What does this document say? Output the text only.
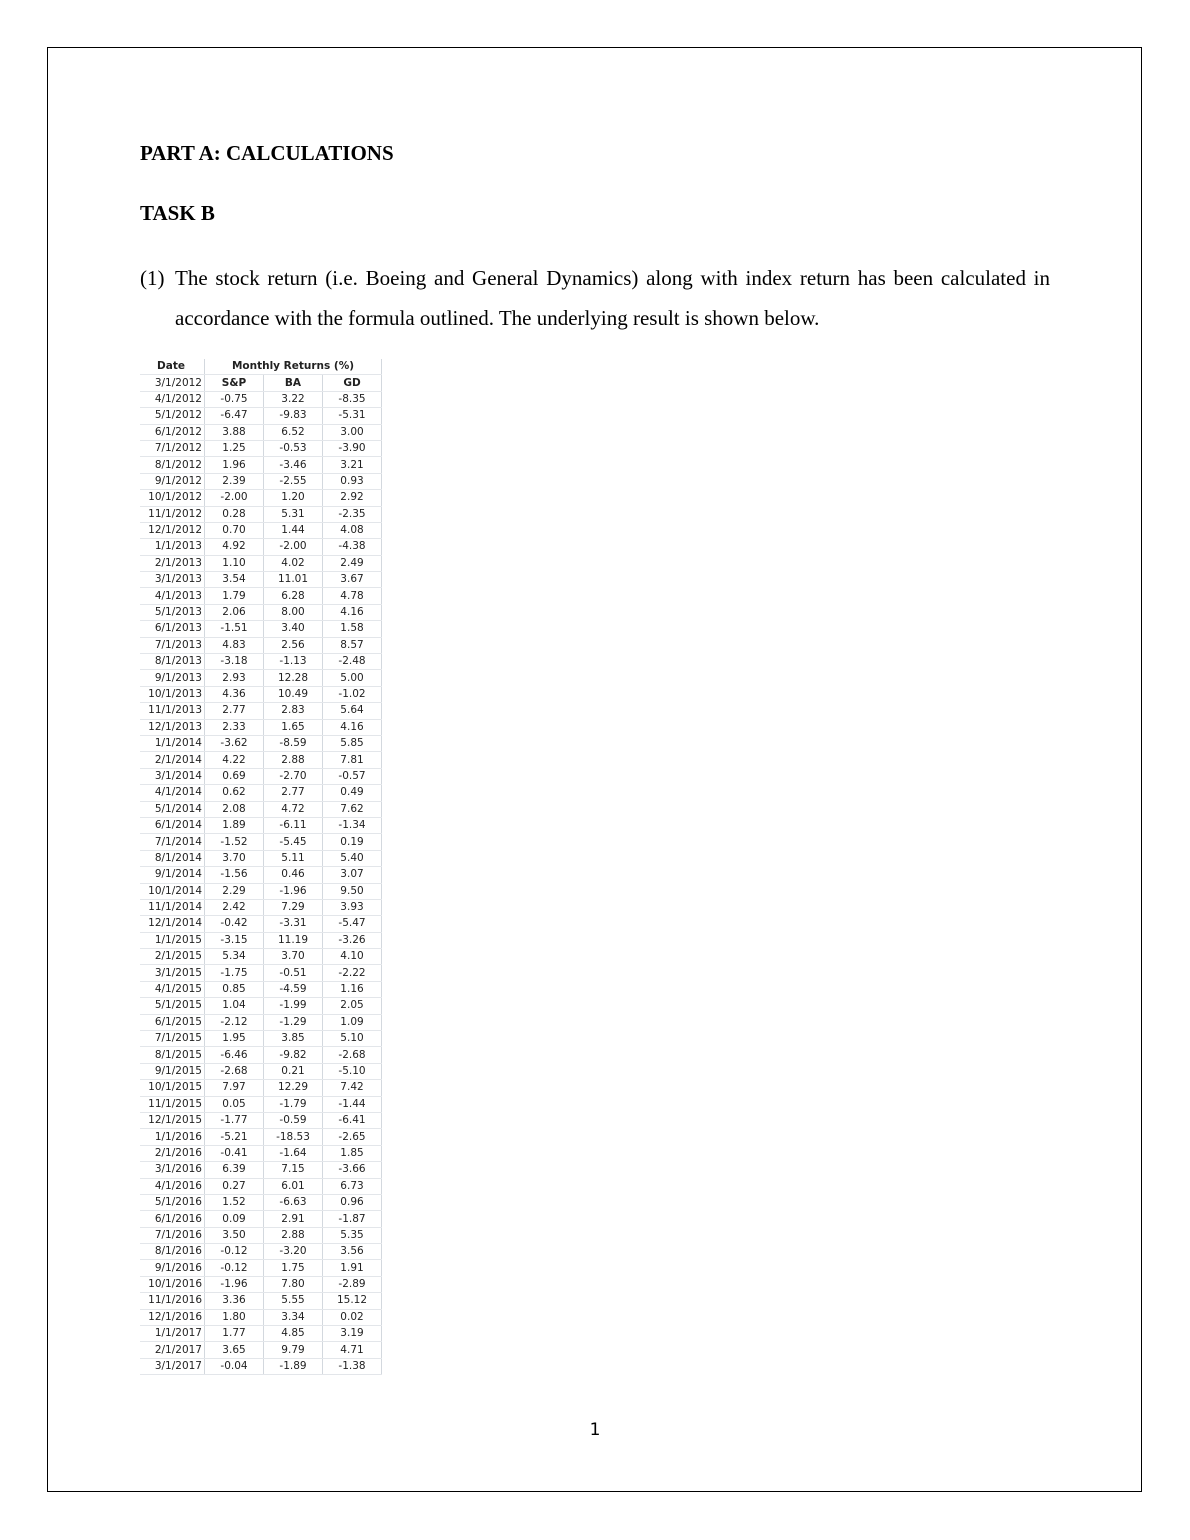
PART A: CALCULATIONS
TASK B
(1) The stock return (i.e. Boeing and General Dynamics) along with index return has been calculated in accordance with the formula outlined. The underlying result is shown below.
Date	Monthly Returns (%)		
3/1/2012	S&P	BA	GD
4/1/2012	-0.75	3.22	-8.35
5/1/2012	-6.47	-9.83	-5.31
6/1/2012	3.88	6.52	3.00
7/1/2012	1.25	-0.53	-3.90
8/1/2012	1.96	-3.46	3.21
9/1/2012	2.39	-2.55	0.93
10/1/2012	-2.00	1.20	2.92
11/1/2012	0.28	5.31	-2.35
12/1/2012	0.70	1.44	4.08
1/1/2013	4.92	-2.00	-4.38
2/1/2013	1.10	4.02	2.49
3/1/2013	3.54	11.01	3.67
4/1/2013	1.79	6.28	4.78
5/1/2013	2.06	8.00	4.16
6/1/2013	-1.51	3.40	1.58
7/1/2013	4.83	2.56	8.57
8/1/2013	-3.18	-1.13	-2.48
9/1/2013	2.93	12.28	5.00
10/1/2013	4.36	10.49	-1.02
11/1/2013	2.77	2.83	5.64
12/1/2013	2.33	1.65	4.16
1/1/2014	-3.62	-8.59	5.85
2/1/2014	4.22	2.88	7.81
3/1/2014	0.69	-2.70	-0.57
4/1/2014	0.62	2.77	0.49
5/1/2014	2.08	4.72	7.62
6/1/2014	1.89	-6.11	-1.34
7/1/2014	-1.52	-5.45	0.19
8/1/2014	3.70	5.11	5.40
9/1/2014	-1.56	0.46	3.07
10/1/2014	2.29	-1.96	9.50
11/1/2014	2.42	7.29	3.93
12/1/2014	-0.42	-3.31	-5.47
1/1/2015	-3.15	11.19	-3.26
2/1/2015	5.34	3.70	4.10
3/1/2015	-1.75	-0.51	-2.22
4/1/2015	0.85	-4.59	1.16
5/1/2015	1.04	-1.99	2.05
6/1/2015	-2.12	-1.29	1.09
7/1/2015	1.95	3.85	5.10
8/1/2015	-6.46	-9.82	-2.68
9/1/2015	-2.68	0.21	-5.10
10/1/2015	7.97	12.29	7.42
11/1/2015	0.05	-1.79	-1.44
12/1/2015	-1.77	-0.59	-6.41
1/1/2016	-5.21	-18.53	-2.65
2/1/2016	-0.41	-1.64	1.85
3/1/2016	6.39	7.15	-3.66
4/1/2016	0.27	6.01	6.73
5/1/2016	1.52	-6.63	0.96
6/1/2016	0.09	2.91	-1.87
7/1/2016	3.50	2.88	5.35
8/1/2016	-0.12	-3.20	3.56
9/1/2016	-0.12	1.75	1.91
10/1/2016	-1.96	7.80	-2.89
11/1/2016	3.36	5.55	15.12
12/1/2016	1.80	3.34	0.02
1/1/2017	1.77	4.85	3.19
2/1/2017	3.65	9.79	4.71
3/1/2017	-0.04	-1.89	-1.38
1
